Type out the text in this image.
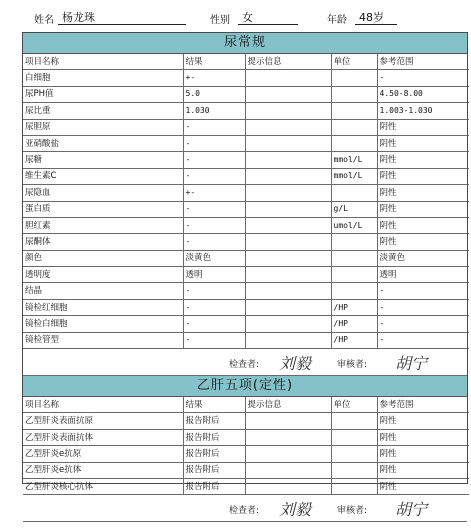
姓名 杨龙珠	性别	女	年龄	48岁
尿常规
项目名称	结果	提示信息	单位	参考范围
白细胞	+-			-
尿PH值	5.0			4.50-8.00
尿比重	1.030			1.003-1.030
尿胆原	-			阴性
亚硝酸盐	-			阴性
尿糖	-		mmol/L	阴性
维生素C	-		mmol/L	阴性
尿隐血	+-			阴性
蛋白质	-		g/L	阴性
胆红素	-		umol/L	阴性
尿酮体	-			阴性
颜色	淡黄色			淡黄色
透明度	透明			透明
结晶	-			-
镜检红细胞	-		/HP	-
镜检白细胞	-		/HP	-
镜检管型	-		/HP	-
检查者: 刘毅	审核者: 胡宁
乙肝五项(定性)
项目名称	结果	提示信息	单位	参考范围
乙型肝炎表面抗原	报告附后			阴性
乙型肝炎表面抗体	报告附后			阴性
乙型肝炎e抗原	报告附后			阴性
乙型肝炎e抗体	报告附后			阴性
乙型肝炎核心抗体	报告附后			阴性
检查者: 刘毅	审核者: 胡宁
